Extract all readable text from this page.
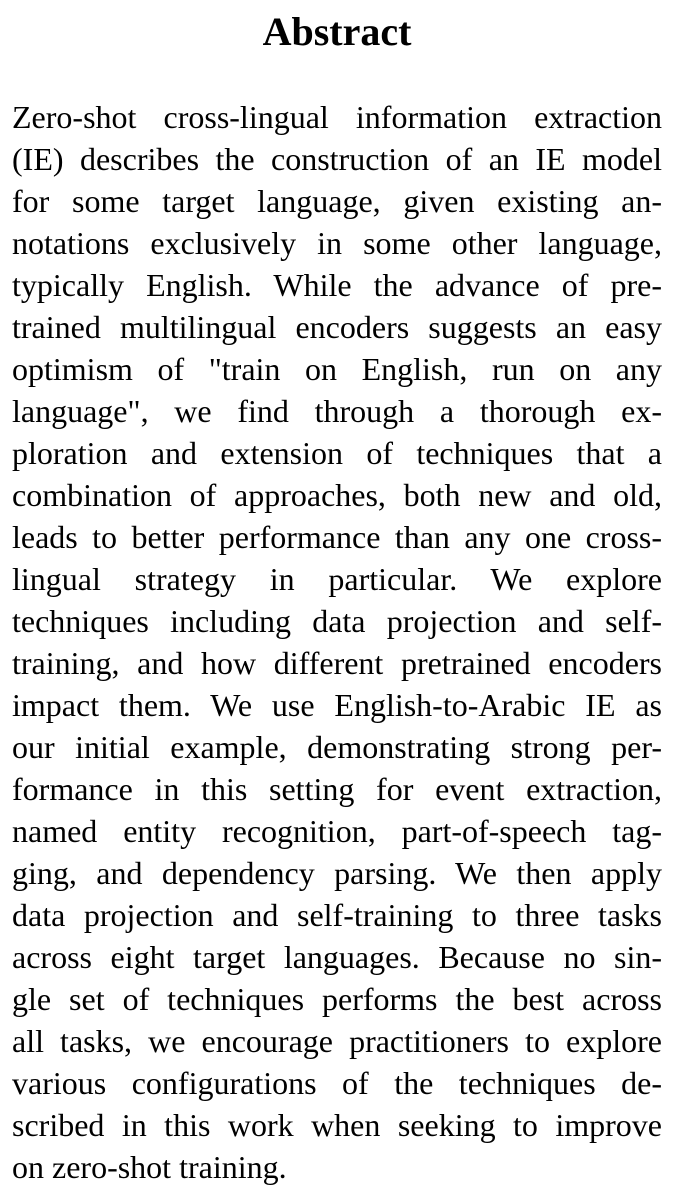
Abstract
Zero-shot cross-lingual information extraction
(IE) describes the construction of an IE model
for some target language, given existing an-
notations exclusively in some other language,
typically English. While the advance of pre-
trained multilingual encoders suggests an easy
optimism of "train on English, run on any
language", we find through a thorough ex-
ploration and extension of techniques that a
combination of approaches, both new and old,
leads to better performance than any one cross-
lingual strategy in particular. We explore
techniques including data projection and self-
training, and how different pretrained encoders
impact them. We use English-to-Arabic IE as
our initial example, demonstrating strong per-
formance in this setting for event extraction,
named entity recognition, part-of-speech tag-
ging, and dependency parsing. We then apply
data projection and self-training to three tasks
across eight target languages. Because no sin-
gle set of techniques performs the best across
all tasks, we encourage practitioners to explore
various configurations of the techniques de-
scribed in this work when seeking to improve
on zero-shot training.
